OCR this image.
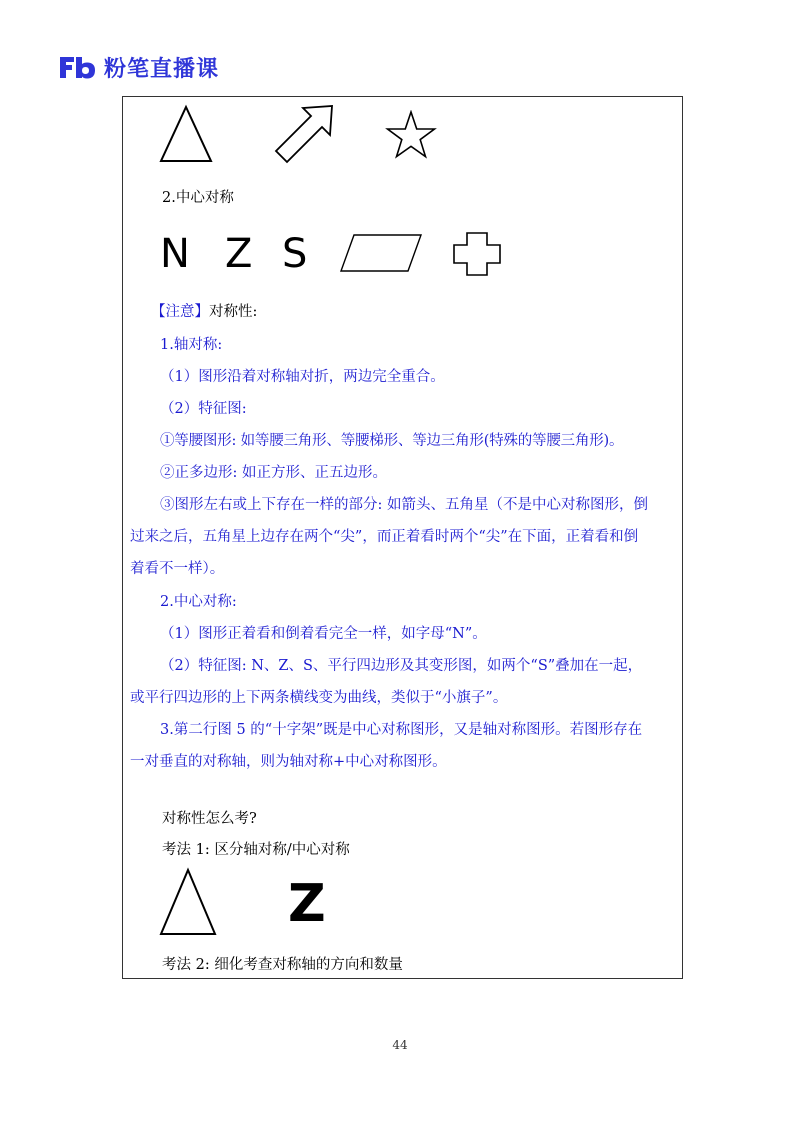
粉笔直播课
2.中心对称
N Z S
【注意】对称性:
1.轴对称:
（1）图形沿着对称轴对折，两边完全重合。
（2）特征图:
①等腰图形: 如等腰三角形、等腰梯形、等边三角形(特殊的等腰三角形)。
②正多边形: 如正方形、正五边形。
③图形左右或上下存在一样的部分: 如箭头、五角星（不是中心对称图形，倒过来之后，五角星上边存在两个“尖”，而正着看时两个“尖”在下面，正着看和倒着看不一样）。
2.中心对称:
（1）图形正着看和倒着看完全一样，如字母“N”。
（2）特征图: N、Z、S、平行四边形及其变形图，如两个“S”叠加在一起，或平行四边形的上下两条横线变为曲线，类似于“小旗子”。
3.第二行图 5 的“十字架”既是中心对称图形，又是轴对称图形。若图形存在一对垂直的对称轴，则为轴对称+中心对称图形。
对称性怎么考?
考法 1: 区分轴对称/中心对称
Z
考法 2: 细化考查对称轴的方向和数量
44
